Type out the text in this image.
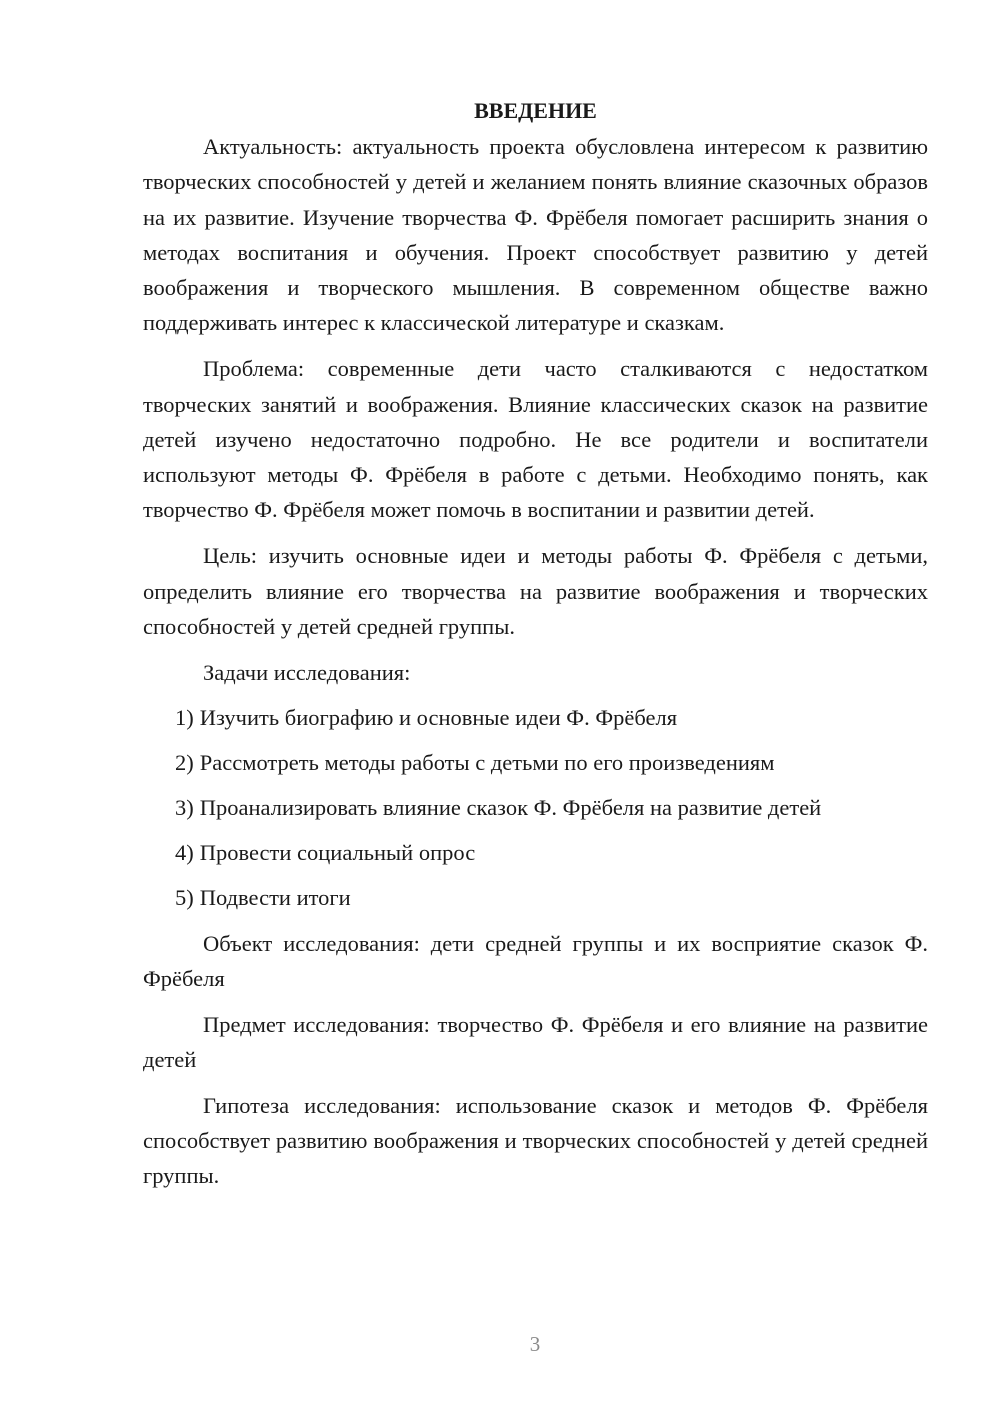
ВВЕДЕНИЕ

Актуальность: актуальность проекта обусловлена интересом к развитию творческих способностей у детей и желанием понять влияние сказочных образов на их развитие. Изучение творчества Ф. Фрёбеля помогает расширить знания о методах воспитания и обучения. Проект способствует развитию у детей воображения и творческого мышления. В современном обществе важно поддерживать интерес к классической литературе и сказкам.

Проблема: современные дети часто сталкиваются с недостатком творческих занятий и воображения. Влияние классических сказок на развитие детей изучено недостаточно подробно. Не все родители и воспитатели используют методы Ф. Фрёбеля в работе с детьми. Необходимо понять, как творчество Ф. Фрёбеля может помочь в воспитании и развитии детей.

Цель: изучить основные идеи и методы работы Ф. Фрёбеля с детьми, определить влияние его творчества на развитие воображения и творческих способностей у детей средней группы.

Задачи исследования:

1) Изучить биографию и основные идеи Ф. Фрёбеля
2) Рассмотреть методы работы с детьми по его произведениям
3) Проанализировать влияние сказок Ф. Фрёбеля на развитие детей
4) Провести социальный опрос
5) Подвести итоги

Объект исследования: дети средней группы и их восприятие сказок Ф. Фрёбеля

Предмет исследования: творчество Ф. Фрёбеля и его влияние на развитие детей

Гипотеза исследования: использование сказок и методов Ф. Фрёбеля способствует развитию воображения и творческих способностей у детей средней группы.

3
